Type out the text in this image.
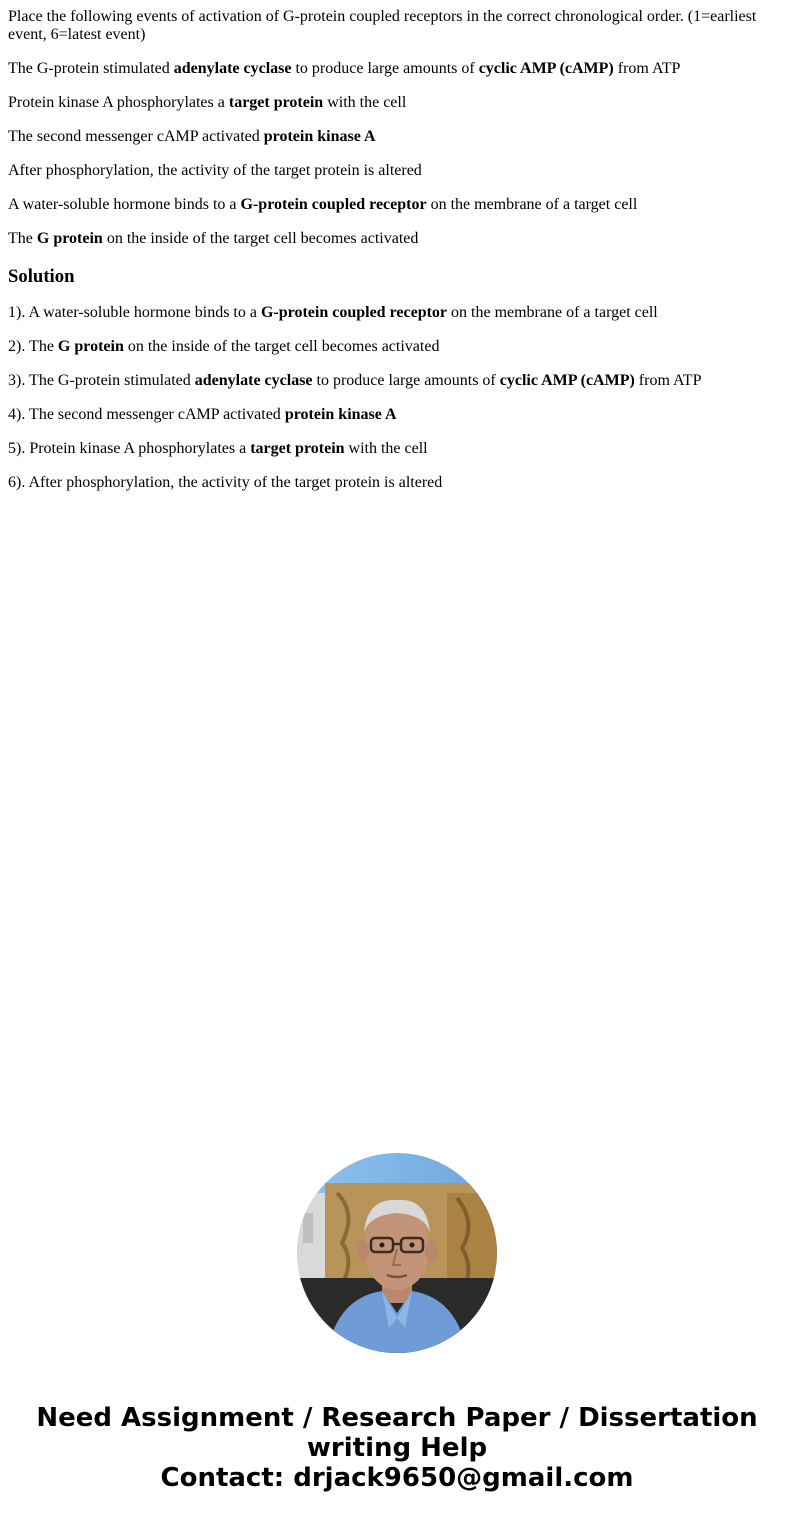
Place the following events of activation of G-protein coupled receptors in the correct chronological order. (1=earliest event, 6=latest event)

The G-protein stimulated adenylate cyclase to produce large amounts of cyclic AMP (cAMP) from ATP

Protein kinase A phosphorylates a target protein with the cell

The second messenger cAMP activated protein kinase A

After phosphorylation, the activity of the target protein is altered

A water-soluble hormone binds to a G-protein coupled receptor on the membrane of a target cell

The G protein on the inside of the target cell becomes activated

Solution

1). A water-soluble hormone binds to a G-protein coupled receptor on the membrane of a target cell

2). The G protein on the inside of the target cell becomes activated

3). The G-protein stimulated adenylate cyclase to produce large amounts of cyclic AMP (cAMP) from ATP

4). The second messenger cAMP activated protein kinase A

5). Protein kinase A phosphorylates a target protein with the cell

6). After phosphorylation, the activity of the target protein is altered

Need Assignment / Research Paper / Dissertation
writing Help
Contact: drjack9650@gmail.com
